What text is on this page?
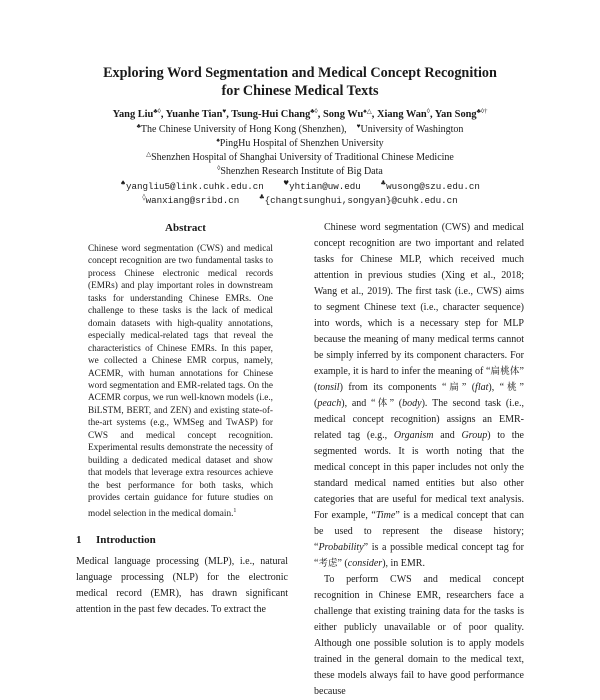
Exploring Word Segmentation and Medical Concept Recognition
for Chinese Medical Texts
Yang Liu♣◊, Yuanhe Tian♥, Tsung-Hui Chang♣◊, Song Wu♠△, Xiang Wan◊, Yan Song♣◊†
♣The Chinese University of Hong Kong (Shenzhen), ♥University of Washington
♠PingHu Hospital of Shenzhen University
△Shenzhen Hospital of Shanghai University of Traditional Chinese Medicine
◊Shenzhen Research Institute of Big Data
♠yangliu5@link.cuhk.edu.cn	♥yhtian@uw.edu	♣wusong@szu.edu.cn
◊wanxiang@sribd.cn	♣{changtsunghui,songyan}@cuhk.edu.cn
Abstract
Chinese word segmentation (CWS) and medical concept recognition are two fundamental tasks to process Chinese electronic medical records (EMRs) and play important roles in downstream tasks for understanding Chinese EMRs. One challenge to these tasks is the lack of medical domain datasets with high-quality annotations, especially medical-related tags that reveal the characteristics of Chinese EMRs. In this paper, we collected a Chinese EMR corpus, namely, ACEMR, with human annotations for Chinese word segmentation and EMR-related tags. On the ACEMR corpus, we run well-known models (i.e., BiLSTM, BERT, and ZEN) and existing state-of-the-art systems (e.g., WMSeg and TwASP) for CWS and medical concept recognition. Experimental results demonstrate the necessity of building a dedicated medical dataset and show that models that leverage extra resources achieve the best performance for both tasks, which provides certain guidance for future studies on model selection in the medical domain.$^1$
1 Introduction

Medical language processing (MLP), i.e., natural language processing (NLP) for the electronic medical record (EMR), has drawn significant attention in the past few decades. To extract the

Chinese word segmentation (CWS) and medical concept recognition are two important and related tasks for Chinese MLP, which received much attention in previous studies (Xing et al., 2018; Wang et al., 2019). The first task (i.e., CWS) aims to segment Chinese text (i.e., character sequence) into words, which is a necessary step for MLP because the meaning of many medical terms cannot be simply inferred by its component characters. For example, it is hard to infer the meaning of “扁桃体” (tonsil) from its components “扁” (flat), “桃” (peach), and “体” (body). The second task (i.e., medical concept recognition) assigns an EMR-related tag (e.g., Organism and Group) to the segmented words. It is worth noting that the medical concept in this paper includes not only the standard medical named entities but also other categories that are useful for medical text analysis. For example, “Time” is a medical concept that can be used to represent the disease history; “Probability” is a possible medical concept tag for “考虑” (consider), in EMR.

To perform CWS and medical concept recognition in Chinese EMR, researchers face a challenge that existing training data for the tasks is either publicly unavailable or of poor quality. Although one possible solution is to apply models trained in the general domain to the medical text, these models always fail to have good performance because
